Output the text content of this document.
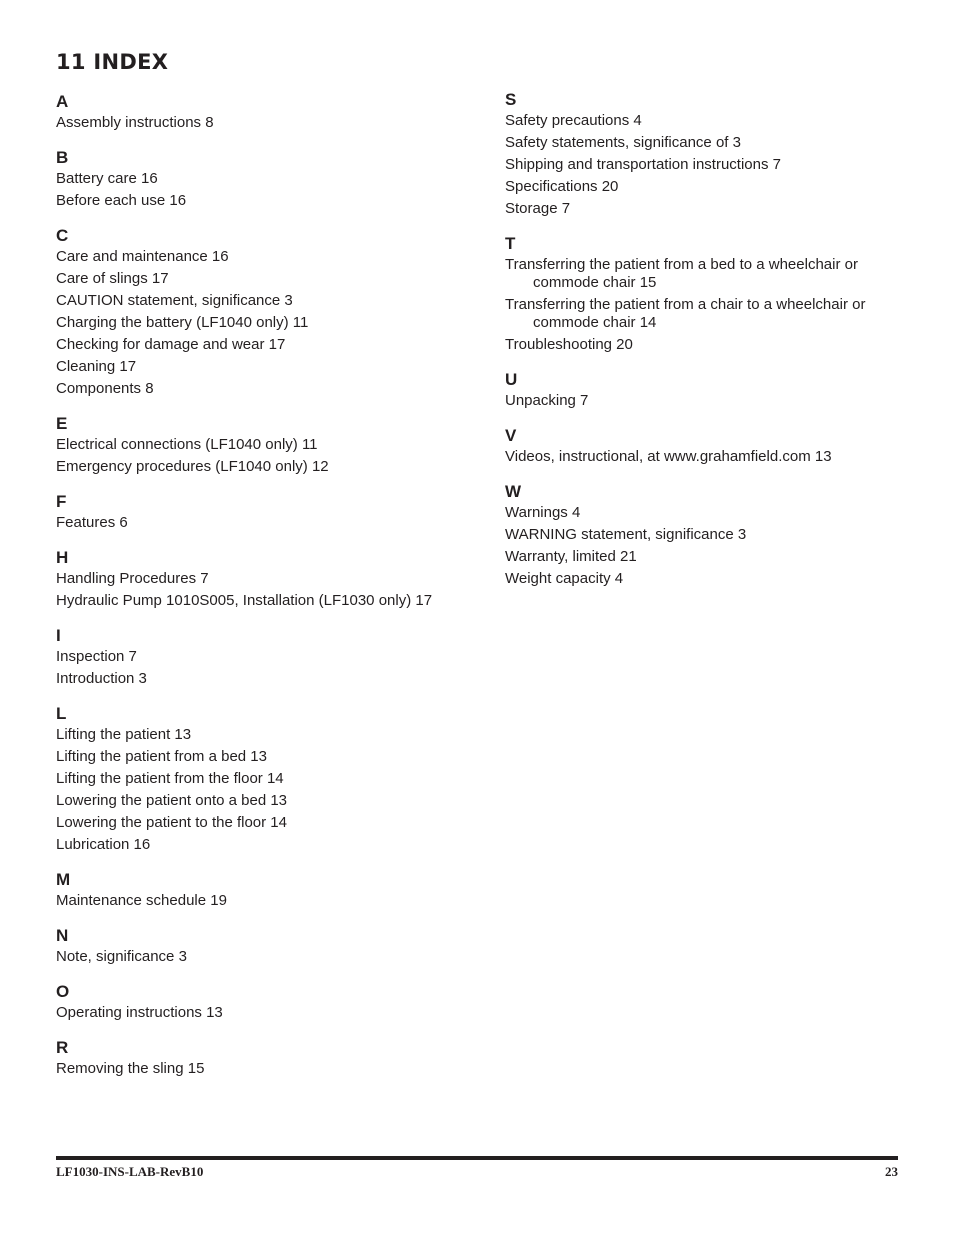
11 INDEX
A
Assembly instructions 8
B
Battery care 16
Before each use 16
C
Care and maintenance 16
Care of slings 17
CAUTION statement, significance 3
Charging the battery (LF1040 only) 11
Checking for damage and wear 17
Cleaning 17
Components 8
E
Electrical connections (LF1040 only) 11
Emergency procedures (LF1040 only) 12
F
Features 6
H
Handling Procedures 7
Hydraulic Pump 1010S005, Installation (LF1030 only) 17
I
Inspection 7
Introduction 3
L
Lifting the patient 13
Lifting the patient from a bed 13
Lifting the patient from the floor 14
Lowering the patient onto a bed 13
Lowering the patient to the floor 14
Lubrication 16
M
Maintenance schedule 19
N
Note, significance 3
O
Operating instructions 13
R
Removing the sling 15
S
Safety precautions 4
Safety statements, significance of 3
Shipping and transportation instructions 7
Specifications 20
Storage 7
T
Transferring the patient from a bed to a wheelchair or commode chair 15
Transferring the patient from a chair to a wheelchair or commode chair 14
Troubleshooting 20
U
Unpacking 7
V
Videos, instructional, at www.grahamfield.com 13
W
Warnings 4
WARNING statement, significance 3
Warranty, limited 21
Weight capacity 4
LF1030-INS-LAB-RevB10	23
